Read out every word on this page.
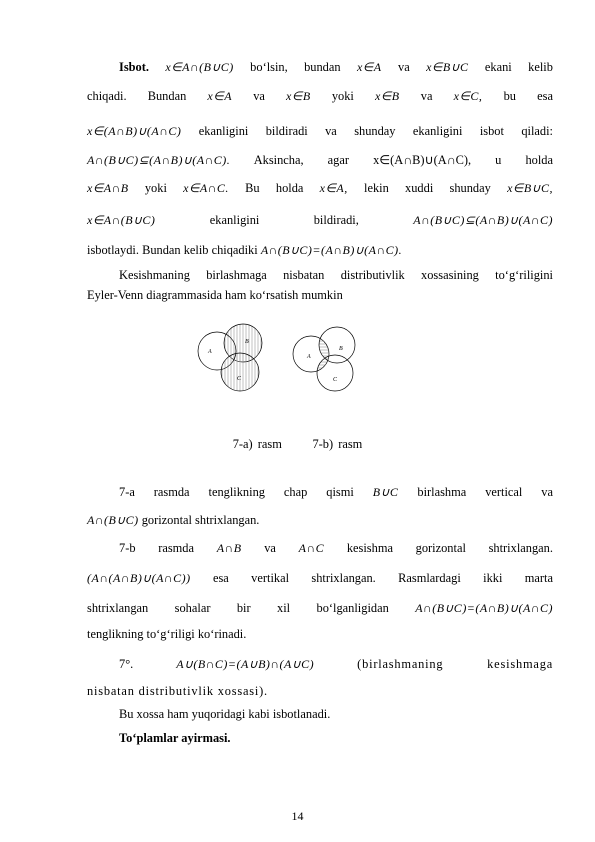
Isbot. x∈A∩(B∪C) bo‘lsin, bundan x∈A va x∈B∪C ekani kelib
chiqadi. Bundan x∈A va x∈B yoki x∈B va x∈C, bu esa
x∈(A∩B)∪(A∩C) ekanligini bildiradi va shunday ekanligini isbot qiladi:
A∩(B∪C)⊆(A∩B)∪(A∩C). Aksincha, agar x∈(A∩B)∪(A∩C), u holda
x∈A∩B yoki x∈A∩C. Bu holda x∈A, lekin xuddi shunday x∈B∪C,
x∈A∩(B∪C)	ekanligini bildiradi,	A∩(B∪C)⊆(A∩B)∪(A∩C)
isbotlaydi. Bundan kelib chiqadiki A∩(B∪C)=(A∩B)∪(A∩C).
Kesishmaning birlashmaga nisbatan distributivlik xossasining to‘g‘riligini
Eyler-Venn diagrammasida ham ko‘rsatish mumkin
A
B
C
A
B
C
7-a) rasm 7-b) rasm
7-a rasmda tenglikning chap qismi B∪C birlashma vertical va
A∩(B∪C) gorizontal shtrixlangan.
7-b rasmda A∩B va A∩C kesishma gorizontal shtrixlangan.
(A∩(A∩B)∪(A∩C)) esa vertikal shtrixlangan. Rasmlardagi ikki marta
shtrixlangan sohalar bir xil bo‘lganligidan A∩(B∪C)=(A∩B)∪(A∩C)
tenglikning to‘g‘riligi ko‘rinadi.
7°.	A∪(B∩C)=(A∪B)∩(A∪C)	(birlashmaning kesishmaga
nisbatan distributivlik xossasi).
Bu xossa ham yuqoridagi kabi isbotlanadi.
To‘plamlar ayirmasi.
14
